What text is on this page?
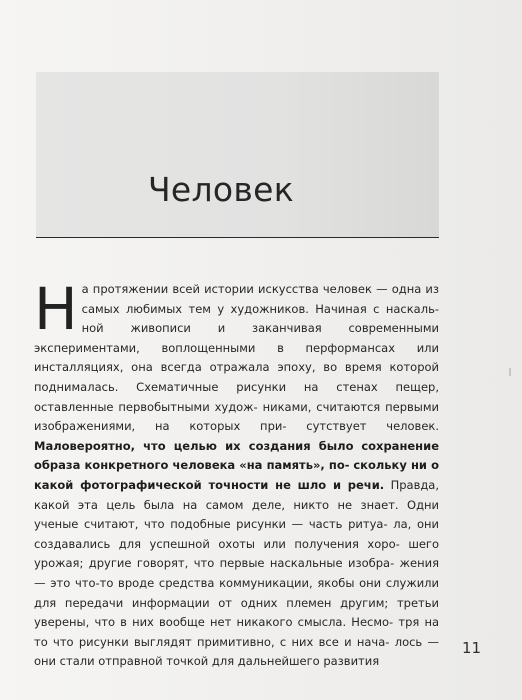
Человек

На протяжении всей истории искусства человек — одна из самых любимых тем у художников. Начиная с наскаль- ной живописи и заканчивая современными экспериментами, воплощенными в перформансах или инсталляциях, она всегда отражала эпоху, во время которой поднималась. Схематичные рисунки на стенах пещер, оставленные первобытными худож- никами, считаются первыми изображениями, на которых при- сутствует человек. Маловероятно, что целью их создания было сохранение образа конкретного человека «на память», по- скольку ни о какой фотографической точности не шло и речи. Правда, какой эта цель была на самом деле, никто не знает. Одни ученые считают, что подобные рисунки — часть ритуа- ла, они создавались для успешной охоты или получения хоро- шего урожая; другие говорят, что первые наскальные изобра- жения — это что-то вроде средства коммуникации, якобы они служили для передачи информации от одних племен другим; третьи уверены, что в них вообще нет никакого смысла. Несмо- тря на то что рисунки выглядят примитивно, с них все и нача- лось — они стали отправной точкой для дальнейшего развития

11
